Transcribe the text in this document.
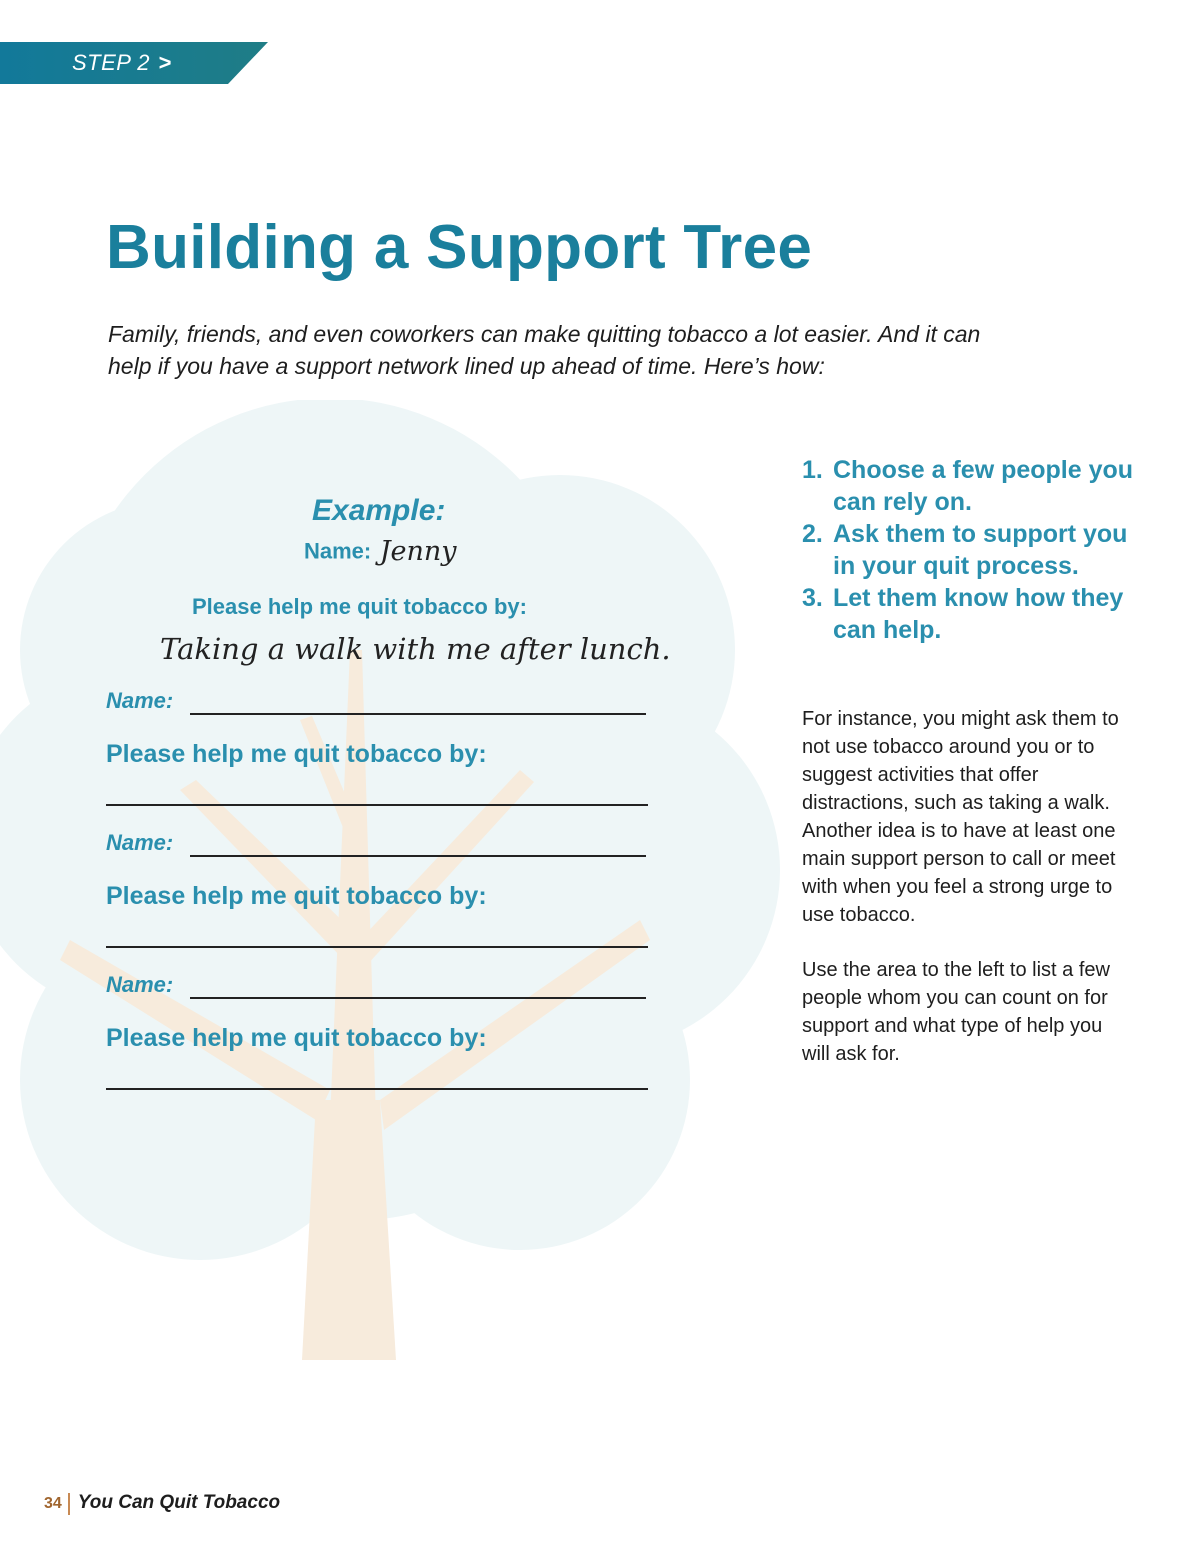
STEP 2 >
Building a Support Tree

Family, friends, and even coworkers can make quitting tobacco a lot easier. And it can help if you have a support network lined up ahead of time. Here’s how:

Example:
Name: Jenny
Please help me quit tobacco by:
Taking a walk with me after lunch.
Name:
Please help me quit tobacco by:
Name:
Please help me quit tobacco by:
Name:
Please help me quit tobacco by:
1. Choose a few people you can rely on.
2. Ask them to support you in your quit process.
3. Let them know how they can help.

For instance, you might ask them to not use tobacco around you or to suggest activities that offer distractions, such as taking a walk. Another idea is to have at least one main support person to call or meet with when you feel a strong urge to use tobacco.

Use the area to the left to list a few people whom you can count on for support and what type of help you will ask for.

34 You Can Quit Tobacco
